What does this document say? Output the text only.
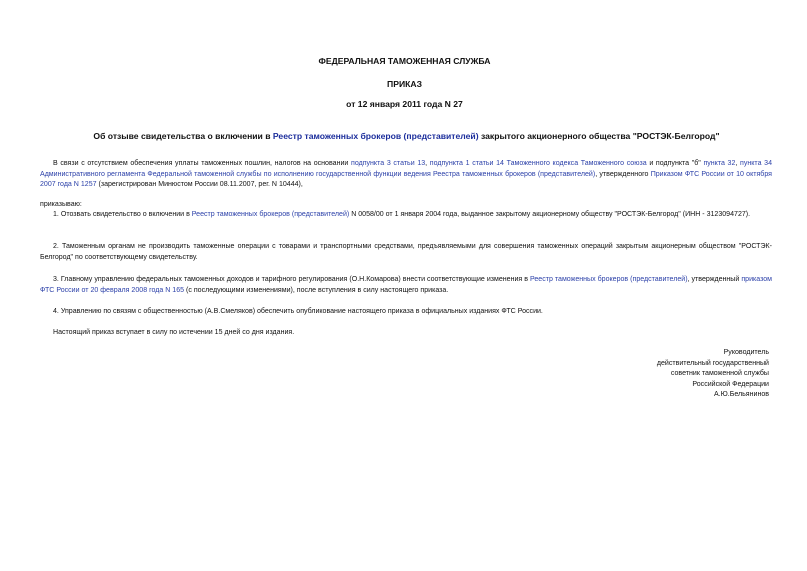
ФЕДЕРАЛЬНАЯ ТАМОЖЕННАЯ СЛУЖБА
ПРИКАЗ
от 12 января 2011 года N 27
Об отзыве свидетельства о включении в Реестр таможенных брокеров (представителей) закрытого акционерного общества "РОСТЭК-Белгород"
В связи с отсутствием обеспечения уплаты таможенных пошлин, налогов на основании подпункта 3 статьи 13, подпункта 1 статьи 14 Таможенного кодекса Таможенного союза и подпункта "б" пункта 32, пункта 34 Административного регламента Федеральной таможенной службы по исполнению государственной функции ведения Реестра таможенных брокеров (представителей), утвержденного Приказом ФТС России от 10 октября 2007 года N 1257 (зарегистрирован Минюстом России 08.11.2007, рег. N 10444),
приказываю:
1. Отозвать свидетельство о включении в Реестр таможенных брокеров (представителей) N 0058/00 от 1 января 2004 года, выданное закрытому акционерному обществу "РОСТЭК-Белгород" (ИНН - 3123094727).
2. Таможенным органам не производить таможенные операции с товарами и транспортными средствами, предъявляемыми для совершения таможенных операций закрытым акционерным обществом "РОСТЭК-Белгород" по соответствующему свидетельству.
3. Главному управлению федеральных таможенных доходов и тарифного регулирования (О.Н.Комарова) внести соответствующие изменения в Реестр таможенных брокеров (представителей), утвержденный приказом ФТС России от 20 февраля 2008 года N 165 (с последующими изменениями), после вступления в силу настоящего приказа.
4. Управлению по связям с общественностью (А.В.Смеляков) обеспечить опубликование настоящего приказа в официальных изданиях ФТС России.
Настоящий приказ вступает в силу по истечении 15 дней со дня издания.
Руководитель
действительный государственный
советник таможенной службы
Российской Федерации
А.Ю.Бельянинов
